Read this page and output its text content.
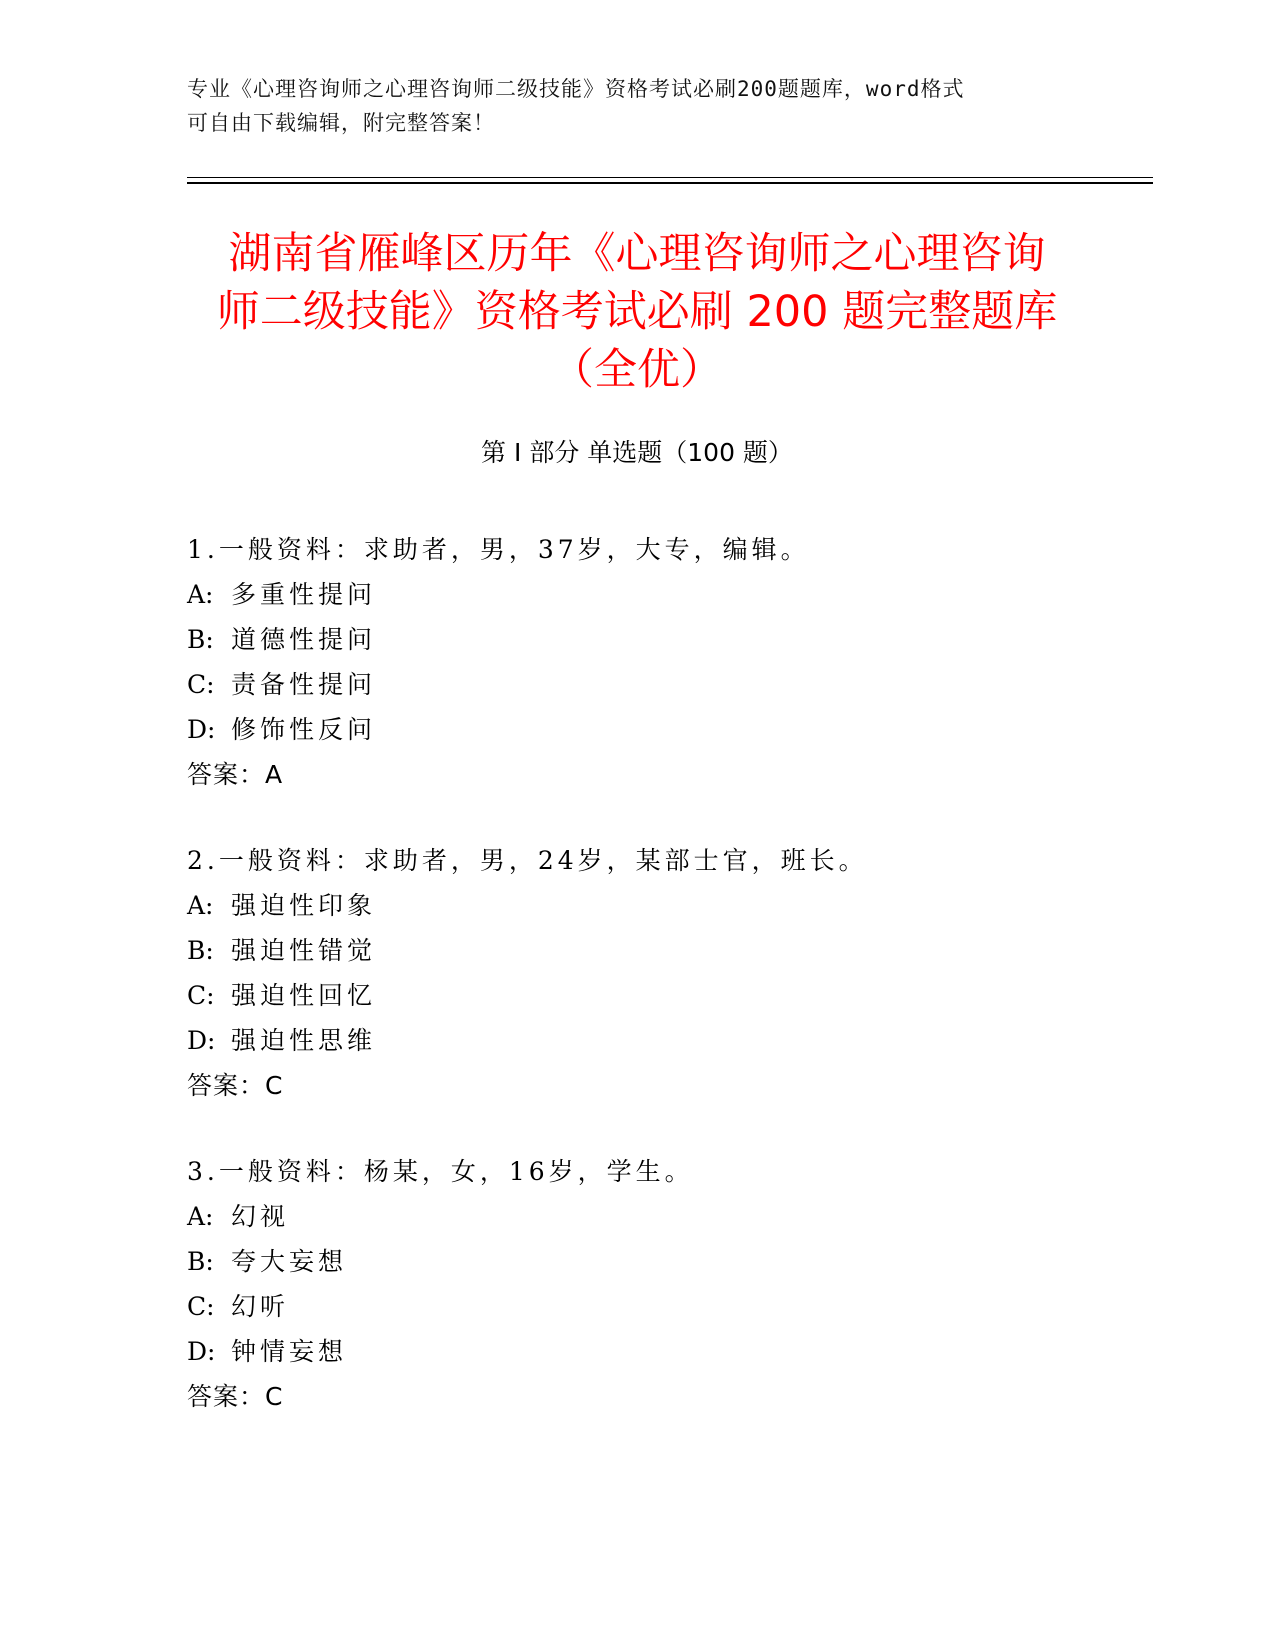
专业《心理咨询师之心理咨询师二级技能》资格考试必刷200题题库，word格式
可自由下载编辑，附完整答案！
湖南省雁峰区历年《心理咨询师之心理咨询
师二级技能》资格考试必刷 200 题完整题库
（全优）
第 I 部分 单选题（100 题）
1.一般资料：求助者，男，37岁，大专，编辑。
A: 多重性提问
B: 道德性提问
C: 责备性提问
D: 修饰性反问
答案：A
2.一般资料：求助者，男，24岁，某部士官，班长。
A: 强迫性印象
B: 强迫性错觉
C: 强迫性回忆
D: 强迫性思维
答案：C
3.一般资料：杨某，女，16岁，学生。
A: 幻视
B: 夸大妄想
C: 幻听
D: 钟情妄想
答案：C
